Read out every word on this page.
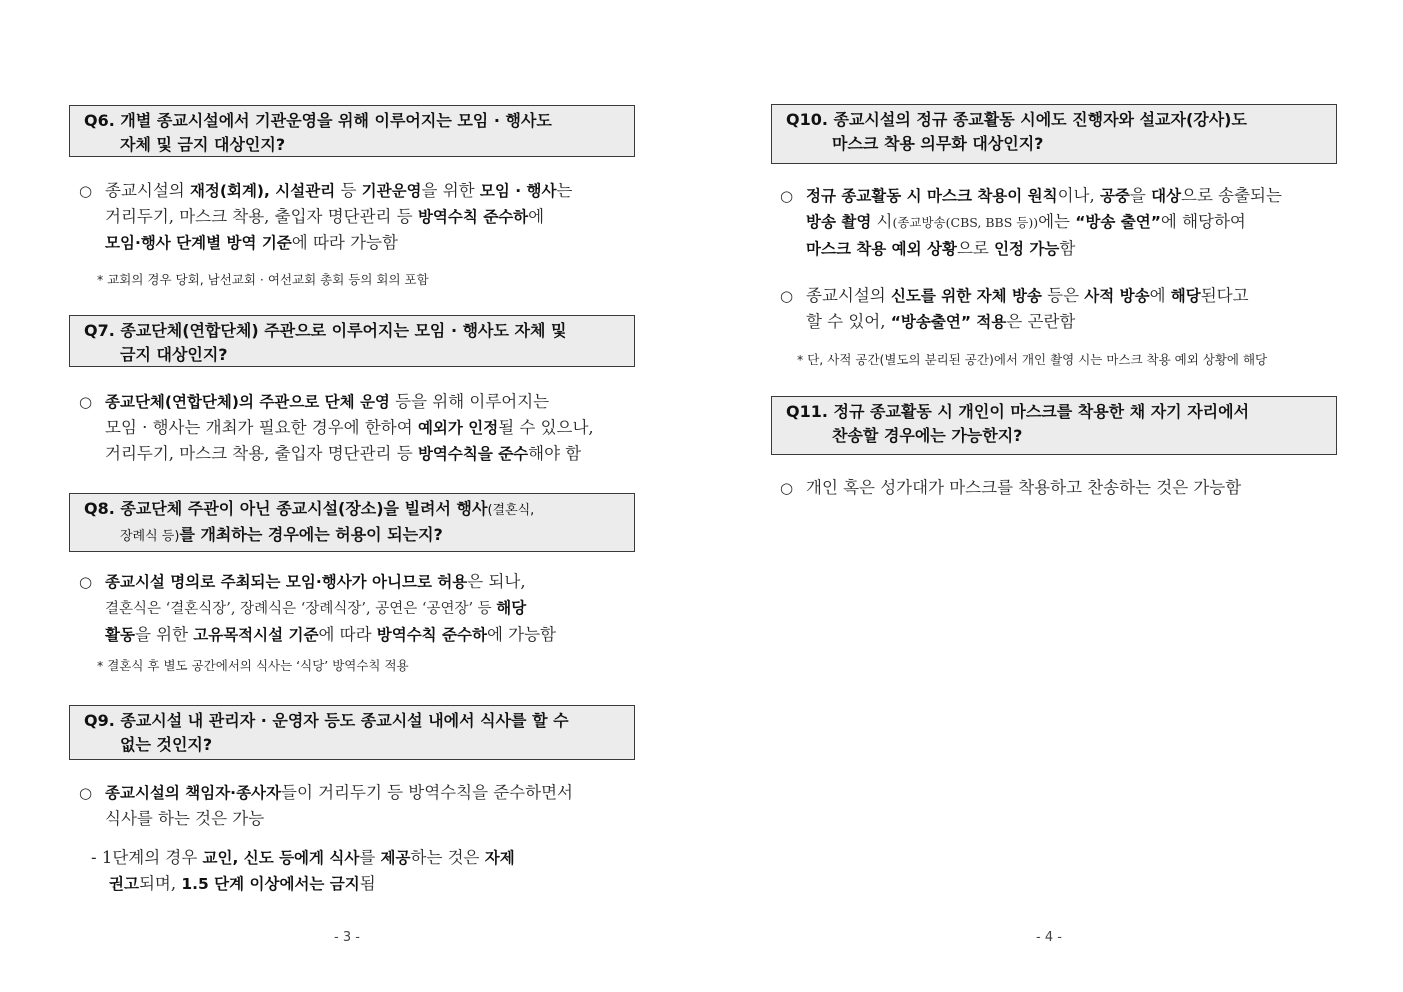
Q6. 개별 종교시설에서 기관운영을 위해 이루어지는 모임 · 행사도
자체 및 금지 대상인지?
○ 종교시설의 재정(회계), 시설관리 등 기관운영을 위한 모임 · 행사는
거리두기, 마스크 착용, 출입자 명단관리 등 방역수칙 준수하에
모임·행사 단계별 방역 기준에 따라 가능함
* 교회의 경우 당회, 남선교회 · 여선교회 총회 등의 회의 포함
Q7. 종교단체(연합단체) 주관으로 이루어지는 모임 · 행사도 자체 및
금지 대상인지?
○ 종교단체(연합단체)의 주관으로 단체 운영 등을 위해 이루어지는
모임 · 행사는 개최가 필요한 경우에 한하여 예외가 인정될 수 있으나,
거리두기, 마스크 착용, 출입자 명단관리 등 방역수칙을 준수해야 함
Q8. 종교단체 주관이 아닌 종교시설(장소)을 빌려서 행사(결혼식,
장례식 등)를 개최하는 경우에는 허용이 되는지?
○ 종교시설 명의로 주최되는 모임·행사가 아니므로 허용은 되나,
결혼식은 ‘결혼식장’, 장례식은 ‘장례식장’, 공연은 ‘공연장’ 등 해당
활동을 위한 고유목적시설 기준에 따라 방역수칙 준수하에 가능함
* 결혼식 후 별도 공간에서의 식사는 ‘식당’ 방역수칙 적용
Q9. 종교시설 내 관리자 · 운영자 등도 종교시설 내에서 식사를 할 수
없는 것인지?
○ 종교시설의 책임자·종사자들이 거리두기 등 방역수칙을 준수하면서
식사를 하는 것은 가능
- 1단계의 경우 교인, 신도 등에게 식사를 제공하는 것은 자제
권고되며, 1.5 단계 이상에서는 금지됨
- 3 -
Q10. 종교시설의 정규 종교활동 시에도 진행자와 설교자(강사)도
마스크 착용 의무화 대상인지?
○ 정규 종교활동 시 마스크 착용이 원칙이나, 공중을 대상으로 송출되는
방송 촬영 시(종교방송(CBS, BBS 등))에는 “방송 출연”에 해당하여
마스크 착용 예외 상황으로 인정 가능함
○ 종교시설의 신도를 위한 자체 방송 등은 사적 방송에 해당된다고
할 수 있어, “방송출연” 적용은 곤란함
* 단, 사적 공간(별도의 분리된 공간)에서 개인 촬영 시는 마스크 착용 예외 상황에 해당
Q11. 정규 종교활동 시 개인이 마스크를 착용한 채 자기 자리에서
찬송할 경우에는 가능한지?
○ 개인 혹은 성가대가 마스크를 착용하고 찬송하는 것은 가능함
- 4 -
